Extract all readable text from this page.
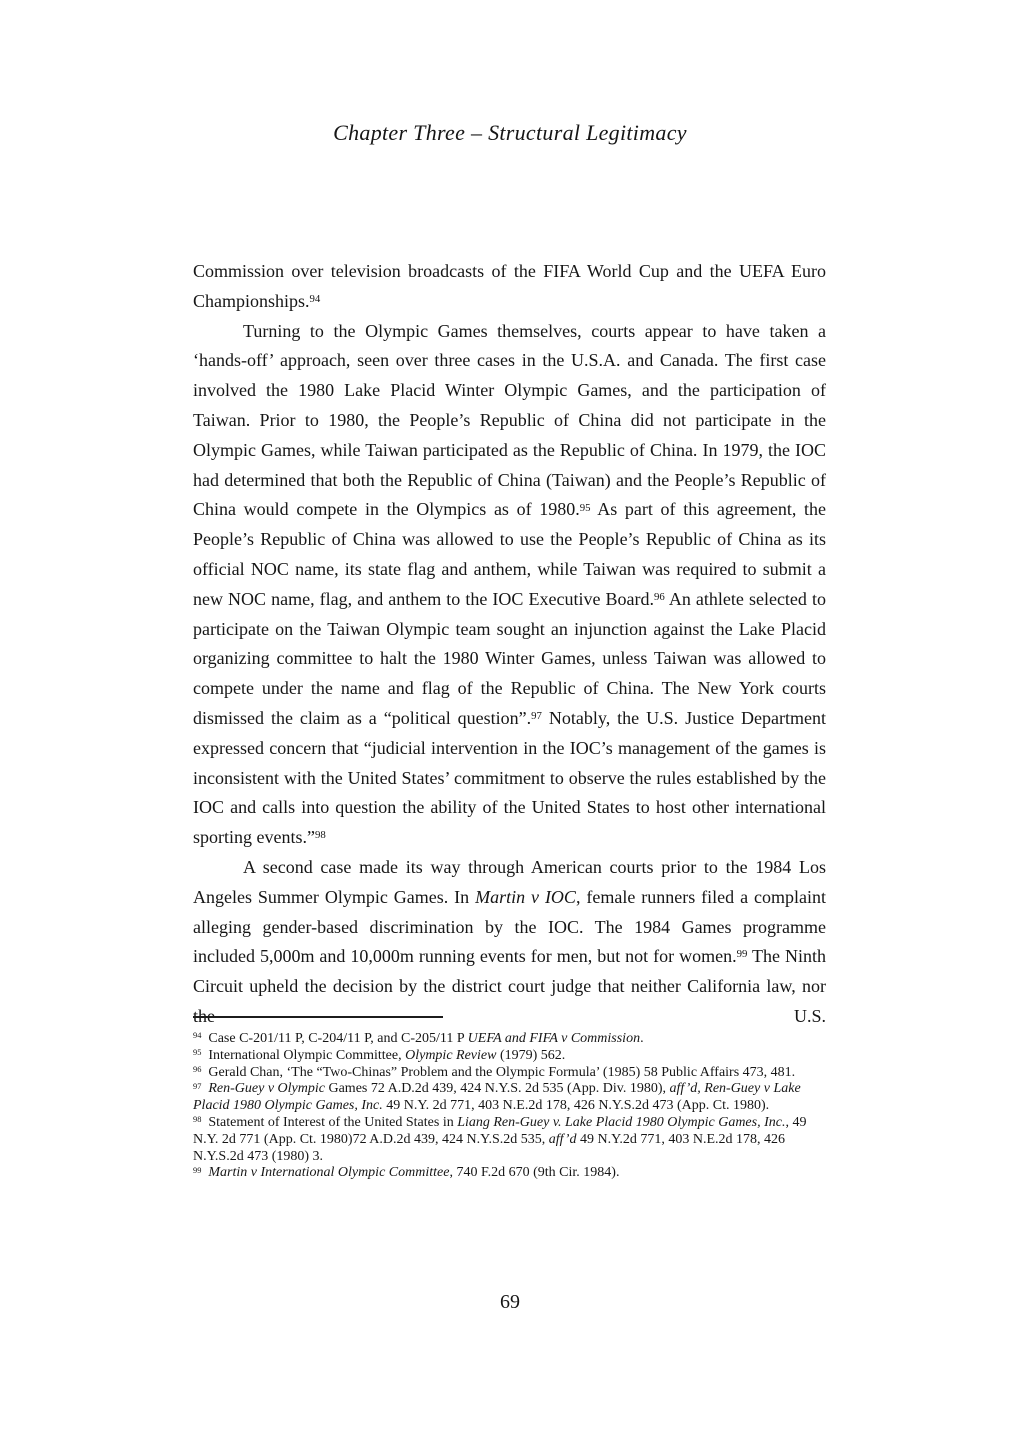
Chapter Three – Structural Legitimacy

Commission over television broadcasts of the FIFA World Cup and the UEFA Euro Championships.$^{94}$

Turning to the Olympic Games themselves, courts appear to have taken a ‘hands-off’ approach, seen over three cases in the U.S.A. and Canada. The first case involved the 1980 Lake Placid Winter Olympic Games, and the participation of Taiwan. Prior to 1980, the People’s Republic of China did not participate in the Olympic Games, while Taiwan participated as the Republic of China. In 1979, the IOC had determined that both the Republic of China (Taiwan) and the People’s Republic of China would compete in the Olympics as of 1980.95 As part of this agreement, the People’s Republic of China was allowed to use the People’s Republic of China as its official NOC name, its state flag and anthem, while Taiwan was required to submit a new NOC name, flag, and anthem to the IOC Executive Board.$^{96}$ An athlete selected to participate on the Taiwan Olympic team sought an injunction against the Lake Placid organizing committee to halt the 1980 Winter Games, unless Taiwan was allowed to compete under the name and flag of the Republic of China. The New York courts dismissed the claim as a “political question”.$^{97}$ Notably, the U.S. Justice Department expressed concern that “judicial intervention in the IOC’s management of the games is inconsistent with the United States’ commitment to observe the rules established by the IOC and calls into question the ability of the United States to host other international sporting events.”$^{98}$

A second case made its way through American courts prior to the 1984 Los Angeles Summer Olympic Games. In Martin v IOC, female runners filed a complaint alleging gender-based discrimination by the IOC. The 1984 Games programme included 5,000m and 10,000m running events for men, but not for women.$^{99}$ The Ninth Circuit upheld the decision by the district court judge that neither California law, nor the U.S.

$^{94}$ Case C-201/11 P, C-204/11 P, and C-205/11 P UEFA and FIFA v Commission.
$^{95}$ International Olympic Committee, Olympic Review (1979) 562.
$^{96}$ Gerald Chan, ‘The “Two-Chinas” Problem and the Olympic Formula’ (1985) 58 Public Affairs 473, 481.
$^{97}$ Ren-Guey v Olympic Games 72 A.D.2d 439, 424 N.Y.S. 2d 535 (App. Div. 1980), aff’d, Ren-Guey v Lake Placid 1980 Olympic Games, Inc. 49 N.Y. 2d 771, 403 N.E.2d 178, 426 N.Y.S.2d 473 (App. Ct. 1980).
$^{98}$ Statement of Interest of the United States in Liang Ren-Guey v. Lake Placid 1980 Olympic Games, Inc., 49 N.Y. 2d 771 (App. Ct. 1980)72 A.D.2d 439, 424 N.Y.S.2d 535, aff’d 49 N.Y.2d 771, 403 N.E.2d 178, 426 N.Y.S.2d 473 (1980) 3.
$^{99}$ Martin v International Olympic Committee, 740 F.2d 670 (9th Cir. 1984).
69
